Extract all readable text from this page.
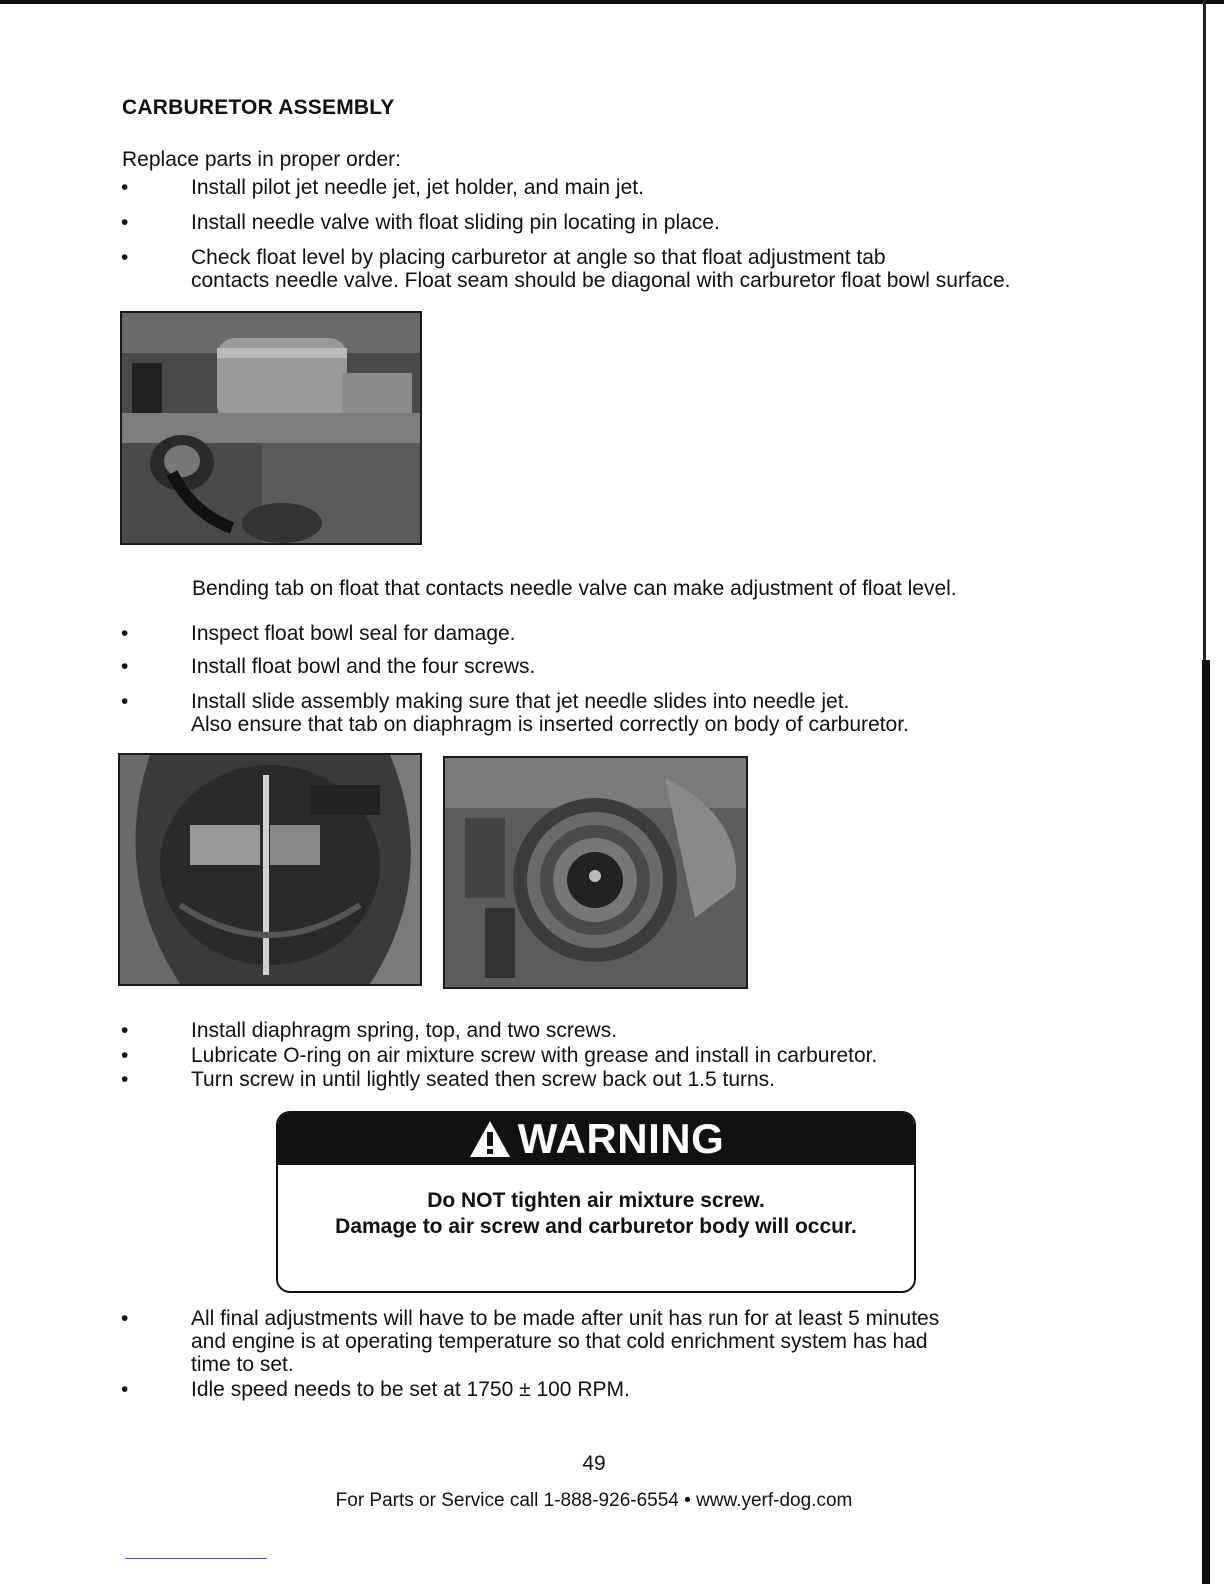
CARBURETOR ASSEMBLY
Replace parts in proper order:
•	Install pilot jet needle jet, jet holder, and main jet.
•	Install needle valve with float sliding pin locating in place.
•	Check float level by placing carburetor at angle so that float adjustment tab
contacts needle valve. Float seam should be diagonal with carburetor float bowl surface.
Bending tab on float that contacts needle valve can make adjustment of float level.
•	Inspect float bowl seal for damage.
•	Install float bowl and the four screws.
•	Install slide assembly making sure that jet needle slides into needle jet.
Also ensure that tab on diaphragm is inserted correctly on body of carburetor.
•	Install diaphragm spring, top, and two screws.
•	Lubricate O-ring on air mixture screw with grease and install in carburetor.
•	Turn screw in until lightly seated then screw back out 1.5 turns.
WARNING
Do NOT tighten air mixture screw.
Damage to air screw and carburetor body will occur.
•	All final adjustments will have to be made after unit has run for at least 5 minutes
and engine is at operating temperature so that cold enrichment system has had
time to set.
•	Idle speed needs to be set at 1750 ± 100 RPM.
49
For Parts or Service call 1-888-926-6554 • www.yerf-dog.com
